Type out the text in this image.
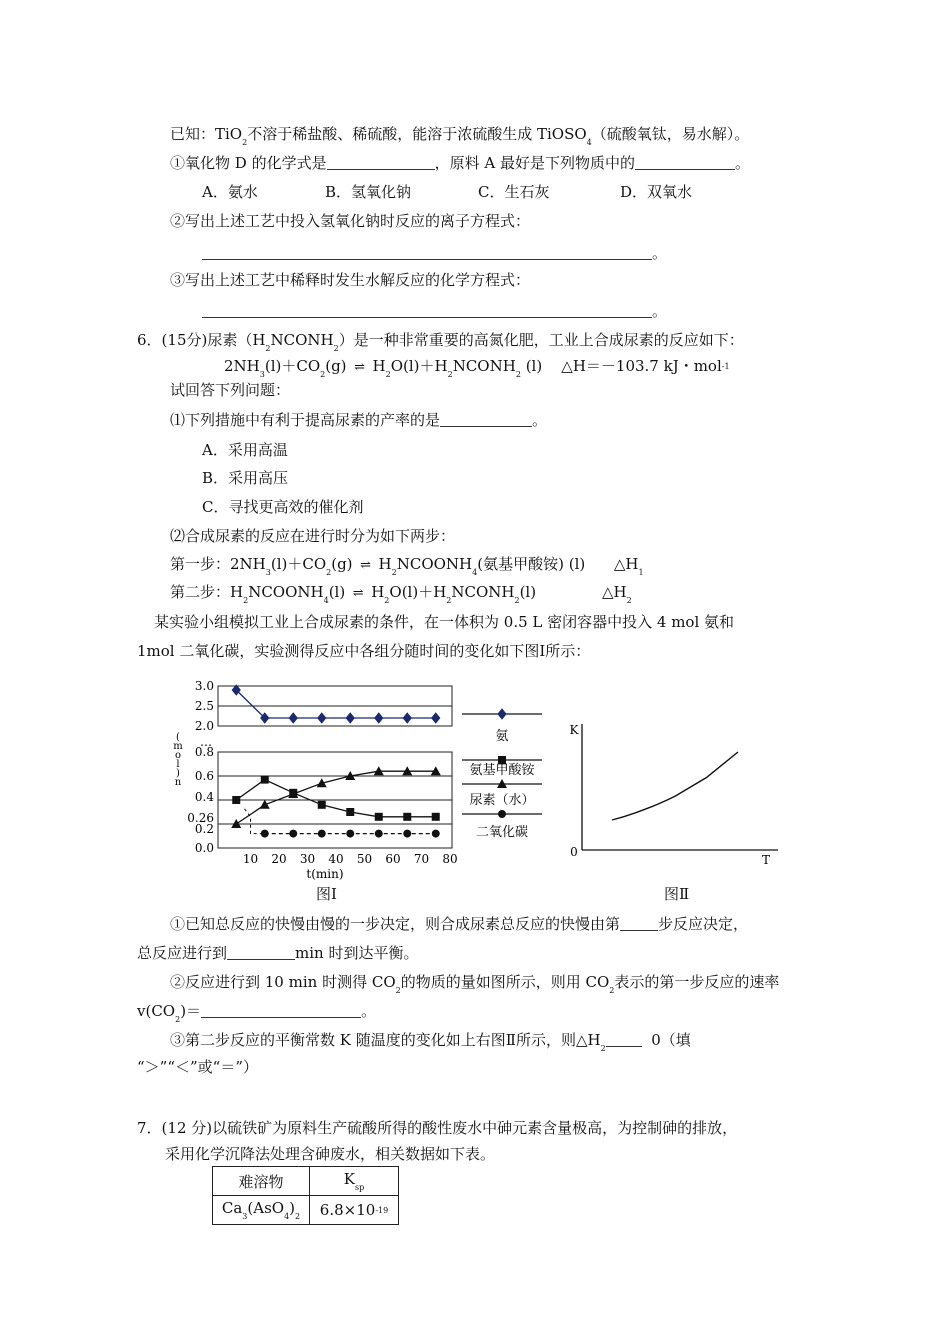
已知：TiO$_2$不溶于稀盐酸、稀硫酸，能溶于浓硫酸生成 TiOSO$_4$（硫酸氧钛，易水解）。
①氧化物 D 的化学式是	，原料 A 最好是下列物质中的	。
A．氨水	B．氢氧化钠	C．生石灰	D．双氧水
②写出上述工艺中投入氢氧化钠时反应的离子方程式：
。
③写出上述工艺中稀释时发生水解反应的化学方程式：
。
6．(15分)尿素$(H_2NCONH_2)$是一种非常重要的高氮化肥，工业上合成尿素的反应如下：
$2NH_3(l)+CO_2(g)$ ⇌ $H_2O(l)+H_2NCONH_2$ (l) △H＝－103.7 kJ・mol$^{-1}$
试回答下列问题：
⑴下列措施中有利于提高尿素的产率的是	。
A．采用高温
B．采用高压
C．寻找更高效的催化剂
⑵合成尿素的反应在进行时分为如下两步：
第一步：$2NH_3(l)+CO_2(g)$ ⇌ $H_2NCOONH_4$(氨基甲酸铵) (l) $\triangle H_1$
第二步：$H_2NCOONH_4(l)$ ⇌ $H_2O(l)+H_2NCONH_2(l)$	$\triangle H_2$
某实验小组模拟工业上合成尿素的条件，在一体积为 0.5 L 密闭容器中投入 4 mol 氨和
1mol 二氧化碳，实验测得反应中各组分随时间的变化如下图Ⅰ所示：
3.0
2.5
2.0
…
0.8
0.6
0.4
0.26
0.2
0.0
(
m
o
l
)
n
10 20 30 40 50 60 70 80
t(min)
氨
氨基甲酸铵
尿素（水）
二氧化碳
图Ⅰ
K
0
T
图Ⅱ
①已知总反应的快慢由慢的一步决定，则合成尿素总反应的快慢由第	步反应决定，
总反应进行到	min 时到达平衡。
②反应进行到 10 min 时测得 $CO_2$的物质的量如图所示，则用 $CO_2$表示的第一步反应的速率
$v(CO_2)=$	。
③第二步反应的平衡常数 K 随温度的变化如上右图Ⅱ所示，则$\triangle H_2$	0（填
“＞”“＜”或“＝”）
7．(12 分)以硫铁矿为原料生产硫酸所得的酸性废水中砷元素含量极高，为控制砷的排放，
采用化学沉降法处理含砷废水，相关数据如下表。
难溶物	$K_{sp}$
$Ca_3(AsO_4)_2$	$6.8\times 10^{-19}$
